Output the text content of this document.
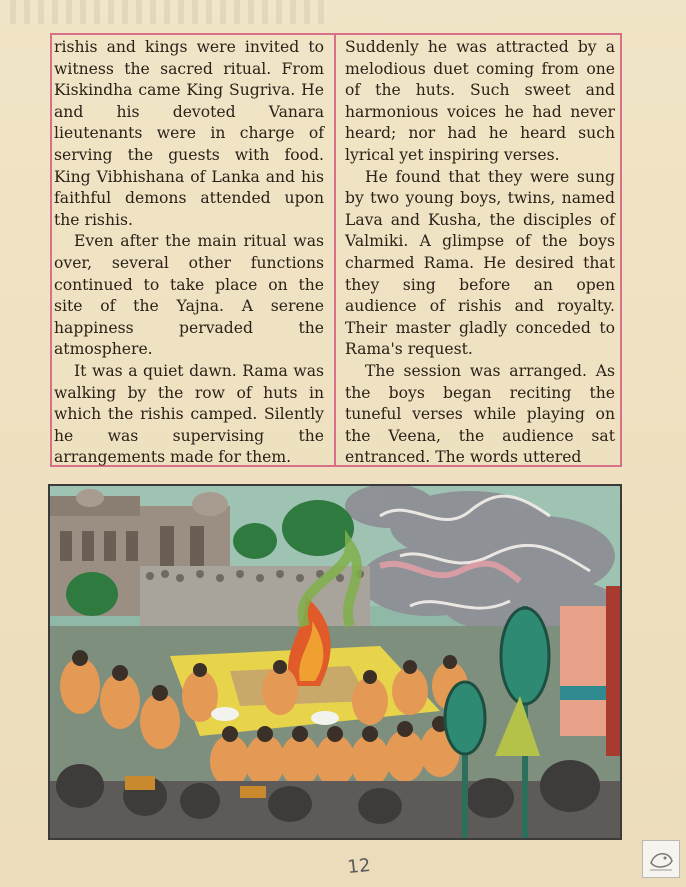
rishis and kings were invited to witness the sacred ritual. From Kiskindha came King Sugriva. He and his devoted Vanara lieutenants were in charge of serving the guests with food. King Vibhishana of Lanka and his faithful demons attended upon the rishis.

Even after the main ritual was over, several other functions continued to take place on the site of the Yajna. A serene happiness pervaded the atmosphere.

It was a quiet dawn. Rama was walking by the row of huts in which the rishis camped. Silently he was supervising the arrangements made for them.

Suddenly he was attracted by a melodious duet coming from one of the huts. Such sweet and harmonious voices he had never heard; nor had he heard such lyrical yet inspiring verses.

He found that they were sung by two young boys, twins, named Lava and Kusha, the disciples of Valmiki. A glimpse of the boys charmed Rama. He desired that they sing before an open audience of rishis and royalty. Their master gladly conceded to Rama's request.

The session was arranged. As the boys began reciting the tuneful verses while playing on the Veena, the audience sat entranced. The words uttered

12
